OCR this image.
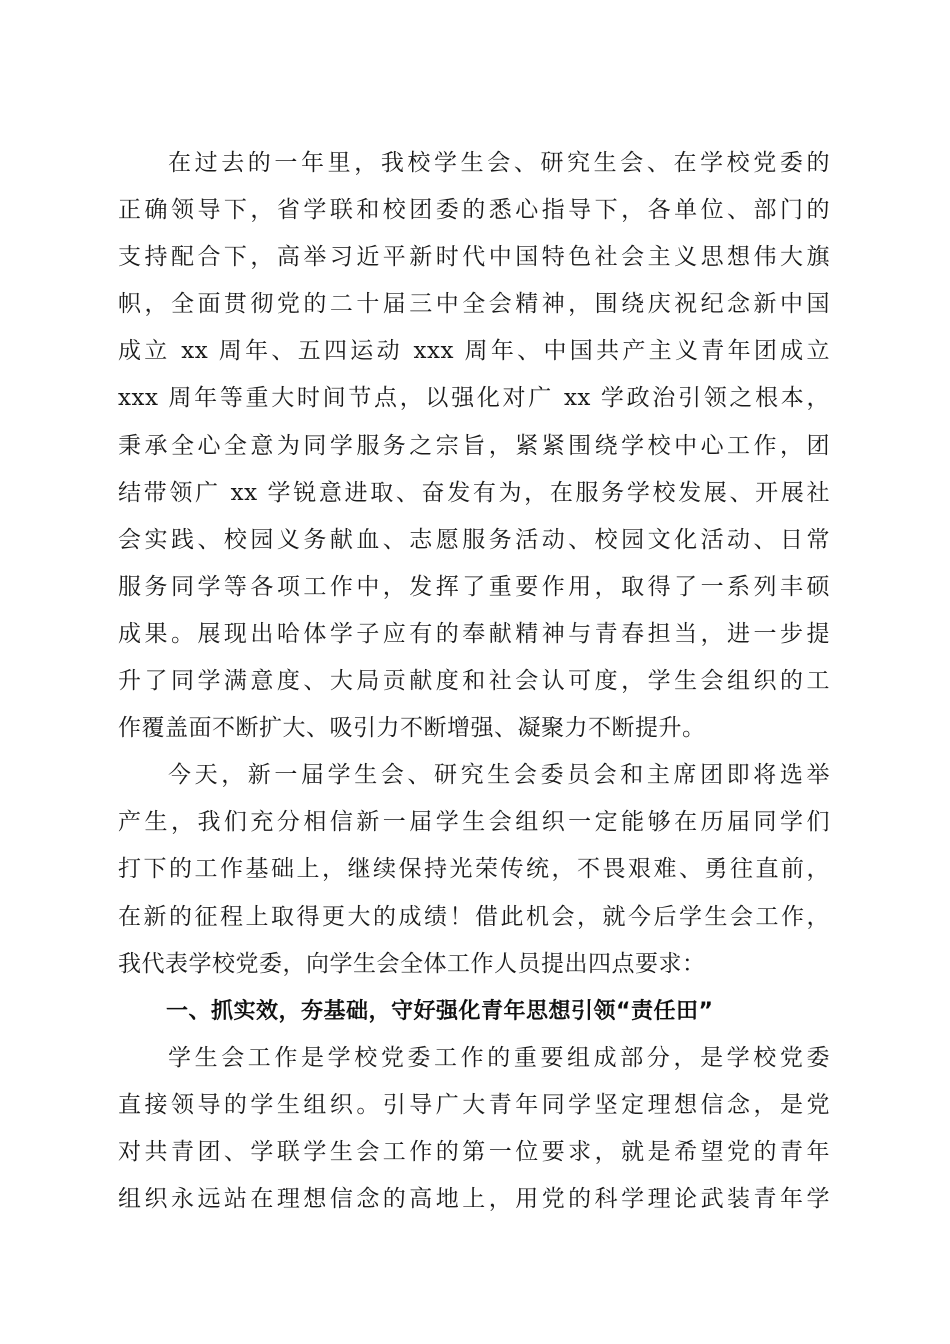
在过去的一年里，我校学生会、研究生会、在学校党委的
正确领导下，省学联和校团委的悉心指导下，各单位、部门的
支持配合下，高举习近平新时代中国特色社会主义思想伟大旗
帜，全面贯彻党的二十届三中全会精神，围绕庆祝纪念新中国
成立 xx 周年、五四运动 xxx 周年、中国共产主义青年团成立
xxx 周年等重大时间节点，以强化对广 xx 学政治引领之根本，
秉承全心全意为同学服务之宗旨，紧紧围绕学校中心工作，团
结带领广 xx 学锐意进取、奋发有为，在服务学校发展、开展社
会实践、校园义务献血、志愿服务活动、校园文化活动、日常
服务同学等各项工作中，发挥了重要作用，取得了一系列丰硕
成果。展现出哈体学子应有的奉献精神与青春担当，进一步提
升了同学满意度、大局贡献度和社会认可度，学生会组织的工
作覆盖面不断扩大、吸引力不断增强、凝聚力不断提升。
今天，新一届学生会、研究生会委员会和主席团即将选举
产生，我们充分相信新一届学生会组织一定能够在历届同学们
打下的工作基础上，继续保持光荣传统，不畏艰难、勇往直前，
在新的征程上取得更大的成绩！借此机会，就今后学生会工作，
我代表学校党委，向学生会全体工作人员提出四点要求：
一、抓实效，夯基础，守好强化青年思想引领“责任田”
学生会工作是学校党委工作的重要组成部分，是学校党委
直接领导的学生组织。引导广大青年同学坚定理想信念，是党
对共青团、学联学生会工作的第一位要求，就是希望党的青年
组织永远站在理想信念的高地上，用党的科学理论武装青年学
